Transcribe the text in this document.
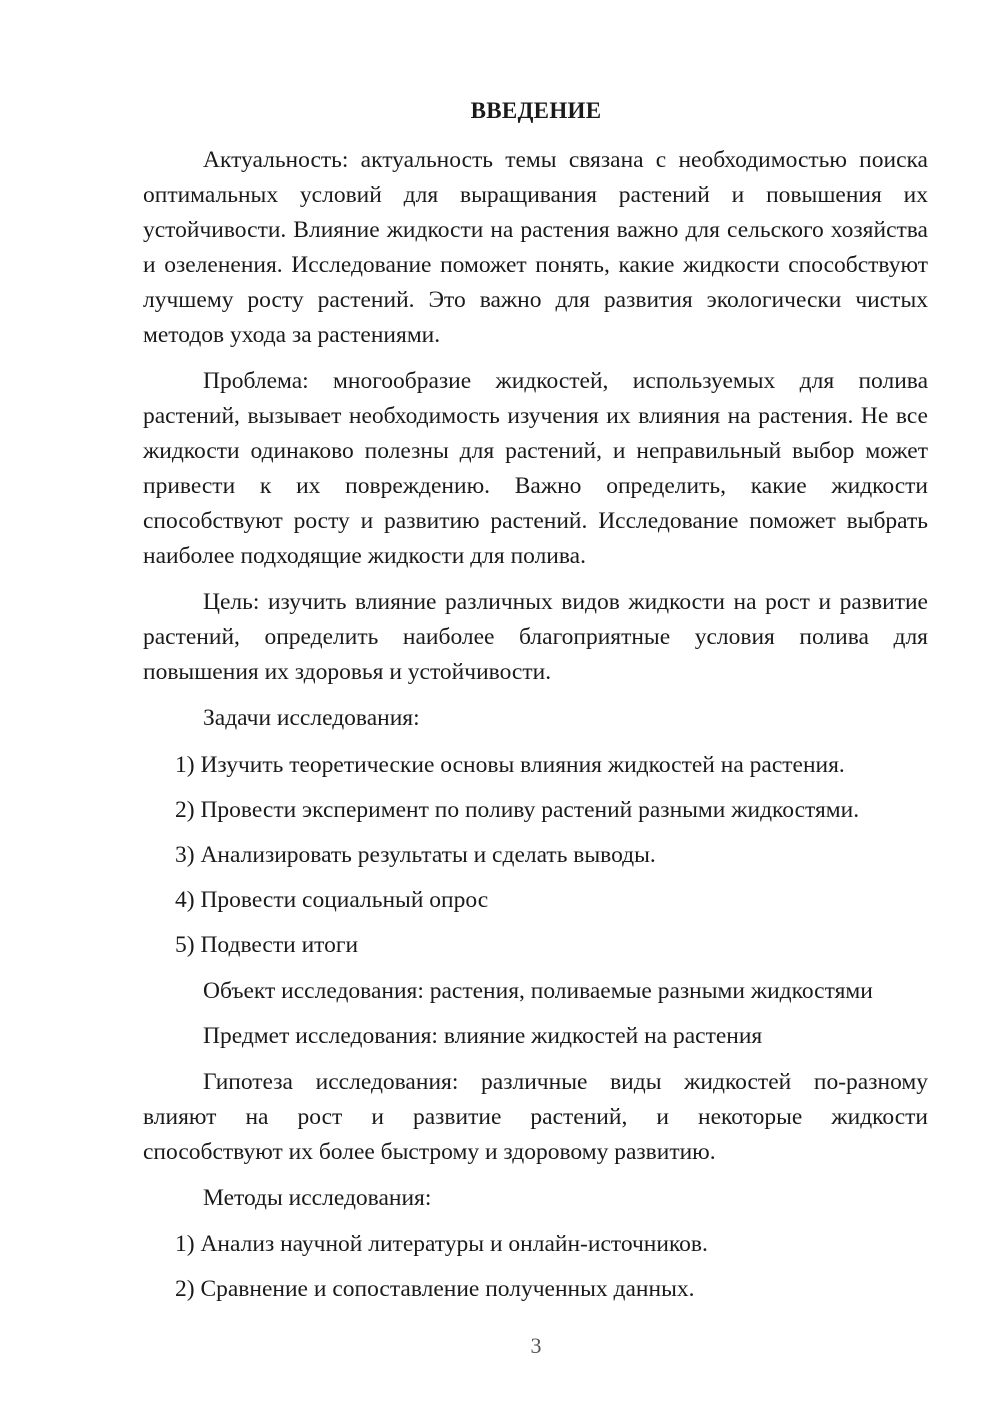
ВВЕДЕНИЕ

Актуальность: актуальность темы связана с необходимостью поиска оптимальных условий для выращивания растений и повышения их устойчивости. Влияние жидкости на растения важно для сельского хозяйства и озеленения. Исследование поможет понять, какие жидкости способствуют лучшему росту растений. Это важно для развития экологически чистых методов ухода за растениями.

Проблема: многообразие жидкостей, используемых для полива растений, вызывает необходимость изучения их влияния на растения. Не все жидкости одинаково полезны для растений, и неправильный выбор может привести к их повреждению. Важно определить, какие жидкости способствуют росту и развитию растений. Исследование поможет выбрать наиболее подходящие жидкости для полива.

Цель: изучить влияние различных видов жидкости на рост и развитие растений, определить наиболее благоприятные условия полива для повышения их здоровья и устойчивости.

Задачи исследования:

1) Изучить теоретические основы влияния жидкостей на растения.

2) Провести эксперимент по поливу растений разными жидкостями.

3) Анализировать результаты и сделать выводы.

4) Провести социальный опрос

5) Подвести итоги

Объект исследования: растения, поливаемые разными жидкостями

Предмет исследования: влияние жидкостей на растения

Гипотеза исследования: различные виды жидкостей по-разному

влияют на рост и развитие растений, и некоторые жидкости

способствуют их более быстрому и здоровому развитию.

Методы исследования:

1) Анализ научной литературы и онлайн-источников.

2) Сравнение и сопоставление полученных данных.

3
